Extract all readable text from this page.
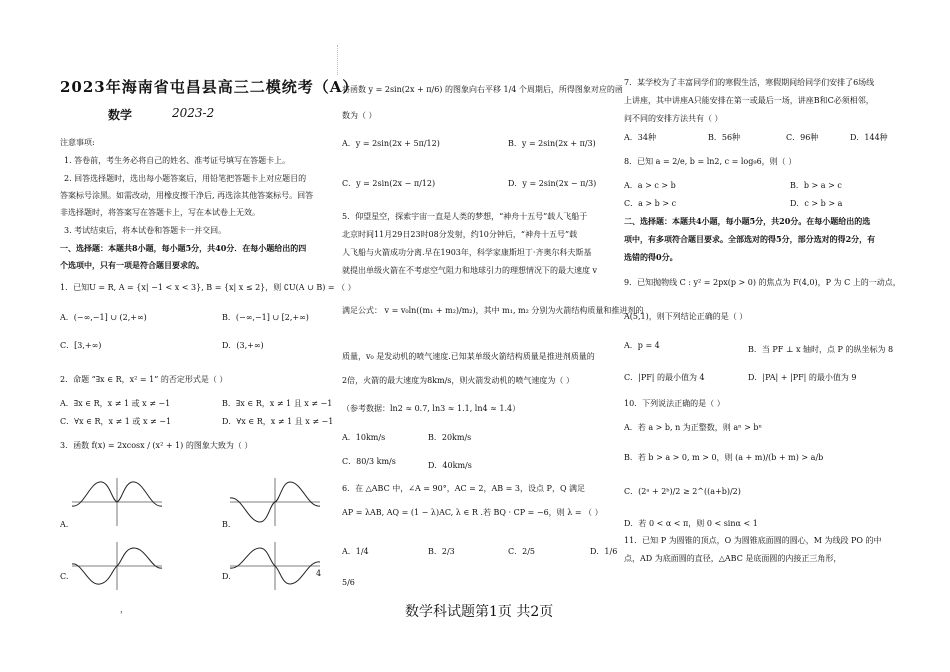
2023年海南省屯昌县高三二模统考（A）
数学	2023-2
注意事项:
1. 答卷前，考生务必将自己的姓名、准考证号填写在答题卡上。
2. 回答选择题时，选出每小题答案后，用铅笔把答题卡上对应题目的
答案标号涂黑。如需改动，用橡皮擦干净后, 再选涂其他答案标号。回答
非选择题时，将答案写在答题卡上，写在本试卷上无效。
3. 考试结束后，将本试卷和答题卡一并交回。
一、选择题：本题共8小题，每小题5分，共40分．在每小题给出的四
个选项中，只有一项是符合题目要求的。
1．已知U = R, A = {x| −1 < x < 3}, B = {x| x ≤ 2}，则 ∁U(A ∪ B) = （ ）
A．(−∞,−1] ∪ (2,+∞)	B．(−∞,−1] ∪ [2,+∞)
C．[3,+∞)	D．(3,+∞)
2．命题 “∃x ∈ R，x² = 1” 的否定形式是（ ）
A．∃x ∈ R，x ≠ 1 或 x ≠ −1	B．∃x ∈ R，x ≠ 1 且 x ≠ −1
C．∀x ∈ R，x ≠ 1 或 x ≠ −1	D．∀x ∈ R，x ≠ 1 且 x ≠ −1
3．函数 f(x) = 2xcosx / (x² + 1) 的图象大致为（ ）
A.	B.
C.	D.	4
，
将函数 y = 2sin(2x + π/6) 的图象向右平移 1/4 个周期后，所得图象对应的函
数为（ ）
A．y = 2sin(2x + 5π/12)	B．y = 2sin(2x + π/3)
C．y = 2sin(2x − π/12)	D．y = 2sin(2x − π/3)
5．仰望星空，探索宇宙一直是人类的梦想，“神舟十五号”载人飞船于
北京时间11月29日23时08分发射，约10分钟后，“神舟十五号”载
人飞船与火箭成功分离.早在1903年，科学家康斯坦丁·齐奥尔科夫斯基
就提出单级火箭在不考虑空气阻力和地球引力的理想情况下的最大速度 v
满足公式： v = v₀ln((m₁ + m₂)/m₂)，其中 m₁, m₂ 分别为火箭结构质量和推进剂的
质量，v₀ 是发动机的喷气速度.已知某单级火箭结构质量是推进剂质量的
2倍，火箭的最大速度为8km/s，则火箭发动机的喷气速度为（ ）
（参考数据：ln2 ≈ 0.7, ln3 ≈ 1.1, ln4 ≈ 1.4）
A．10km/s	B．20km/s
C．80/3 km/s	D．40km/s
6．在 △ABC 中，∠A = 90°，AC = 2，AB = 3，设点 P，Q 满足
AP = λAB, AQ = (1 − λ)AC, λ ∈ R .若 BQ · CP = −6，则 λ = （ ）
A．1/4	B．2/3	C．2/5	D．1/6
5/6
7．某学校为了丰富同学们的寒假生活，寒假期间给同学们安排了6场线
上讲座，其中讲座A只能安排在第一或最后一场，讲座B和C必须相邻，
问不同的安排方法共有（ ）
A．34种	B．56种	C．96种	D．144种
8．已知 a = 2/e, b = ln2, c = log₉6，则（ ）
A．a > c > b	B．b > a > c
C．a > b > c	D．c > b > a
二、选择题：本题共4小题，每小题5分，共20分。在每小题给出的选
项中，有多项符合题目要求。全部选对的得5分，部分选对的得2分，有
选错的得0分。
9．已知抛物线 C : y² = 2px(p > 0) 的焦点为 F(4,0)，P 为 C 上的一动点，
A(5,1)，则下列结论正确的是（ ）
A．p = 4	B．当 PF ⊥ x 轴时，点 P 的纵坐标为 8
C．|PF| 的最小值为 4	D．|PA| + |PF| 的最小值为 9
10．下列说法正确的是（ ）
A．若 a > b, n 为正整数，则 aⁿ > bⁿ
B．若 b > a > 0, m > 0，则 (a + m)/(b + m) > a/b
C．(2ᵃ + 2ᵇ)/2 ≥ 2^((a+b)/2)
D．若 0 < α < π，则 0 < sinα < 1
11．已知 P 为圆锥的顶点，O 为圆锥底面圆的圆心，M 为线段 PO 的中
点，AD 为底面圆的直径，△ABC 是底面圆的内接正三角形，
数学科试题第1页 共2页
